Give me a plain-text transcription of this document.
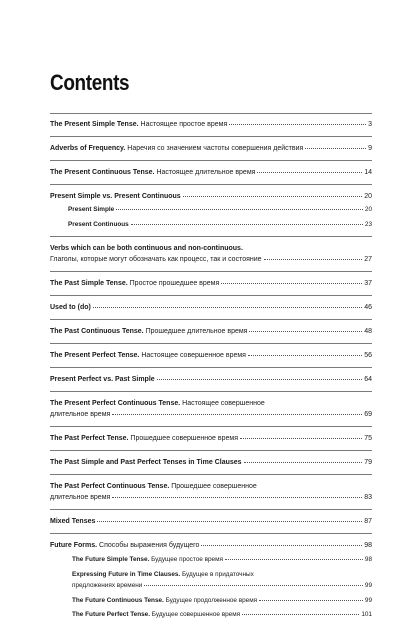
Contents
The Present Simple Tense.
Настоящее простое время	3
Adverbs of Frequency.
Наречия со значением частоты совершения действия	9
The Present Continuous Tense.
Настоящее длительное время	14
Present Simple vs. Present Continuous	20
Present Simple	20
Present Continuous	23
Verbs which can be both continuous and non-continuous.
Глаголы, которые могут обозначать как процесс, так и состояние	27
The Past Simple Tense.
Простое прошедшее время	37
Used to (do)	46
The Past Continuous Tense.
Прошедшее длительное время	48
The Present Perfect Tense.
Настоящее совершенное время	56
Present Perfect vs. Past Simple	64
The Present Perfect Continuous Tense. Настоящее совершенное
длительное время	69
The Past Perfect Tense.
Прошедшее совершенное время	75
The Past Simple and Past Perfect Tenses in Time Clauses	79
The Past Perfect Continuous Tense. Прошедшее совершенное
длительное время	83
Mixed Tenses	87
Future Forms.
Способы выражения будущего	98
The Future Simple Tense.
Будущее простое время	98
Expressing Future in Time Clauses. Будущее в придаточных
предложениях времени	99
The Future Continuous Tense.
Будущее продолженное время	99
The Future Perfect Tense.
Будущее совершенное время	101
